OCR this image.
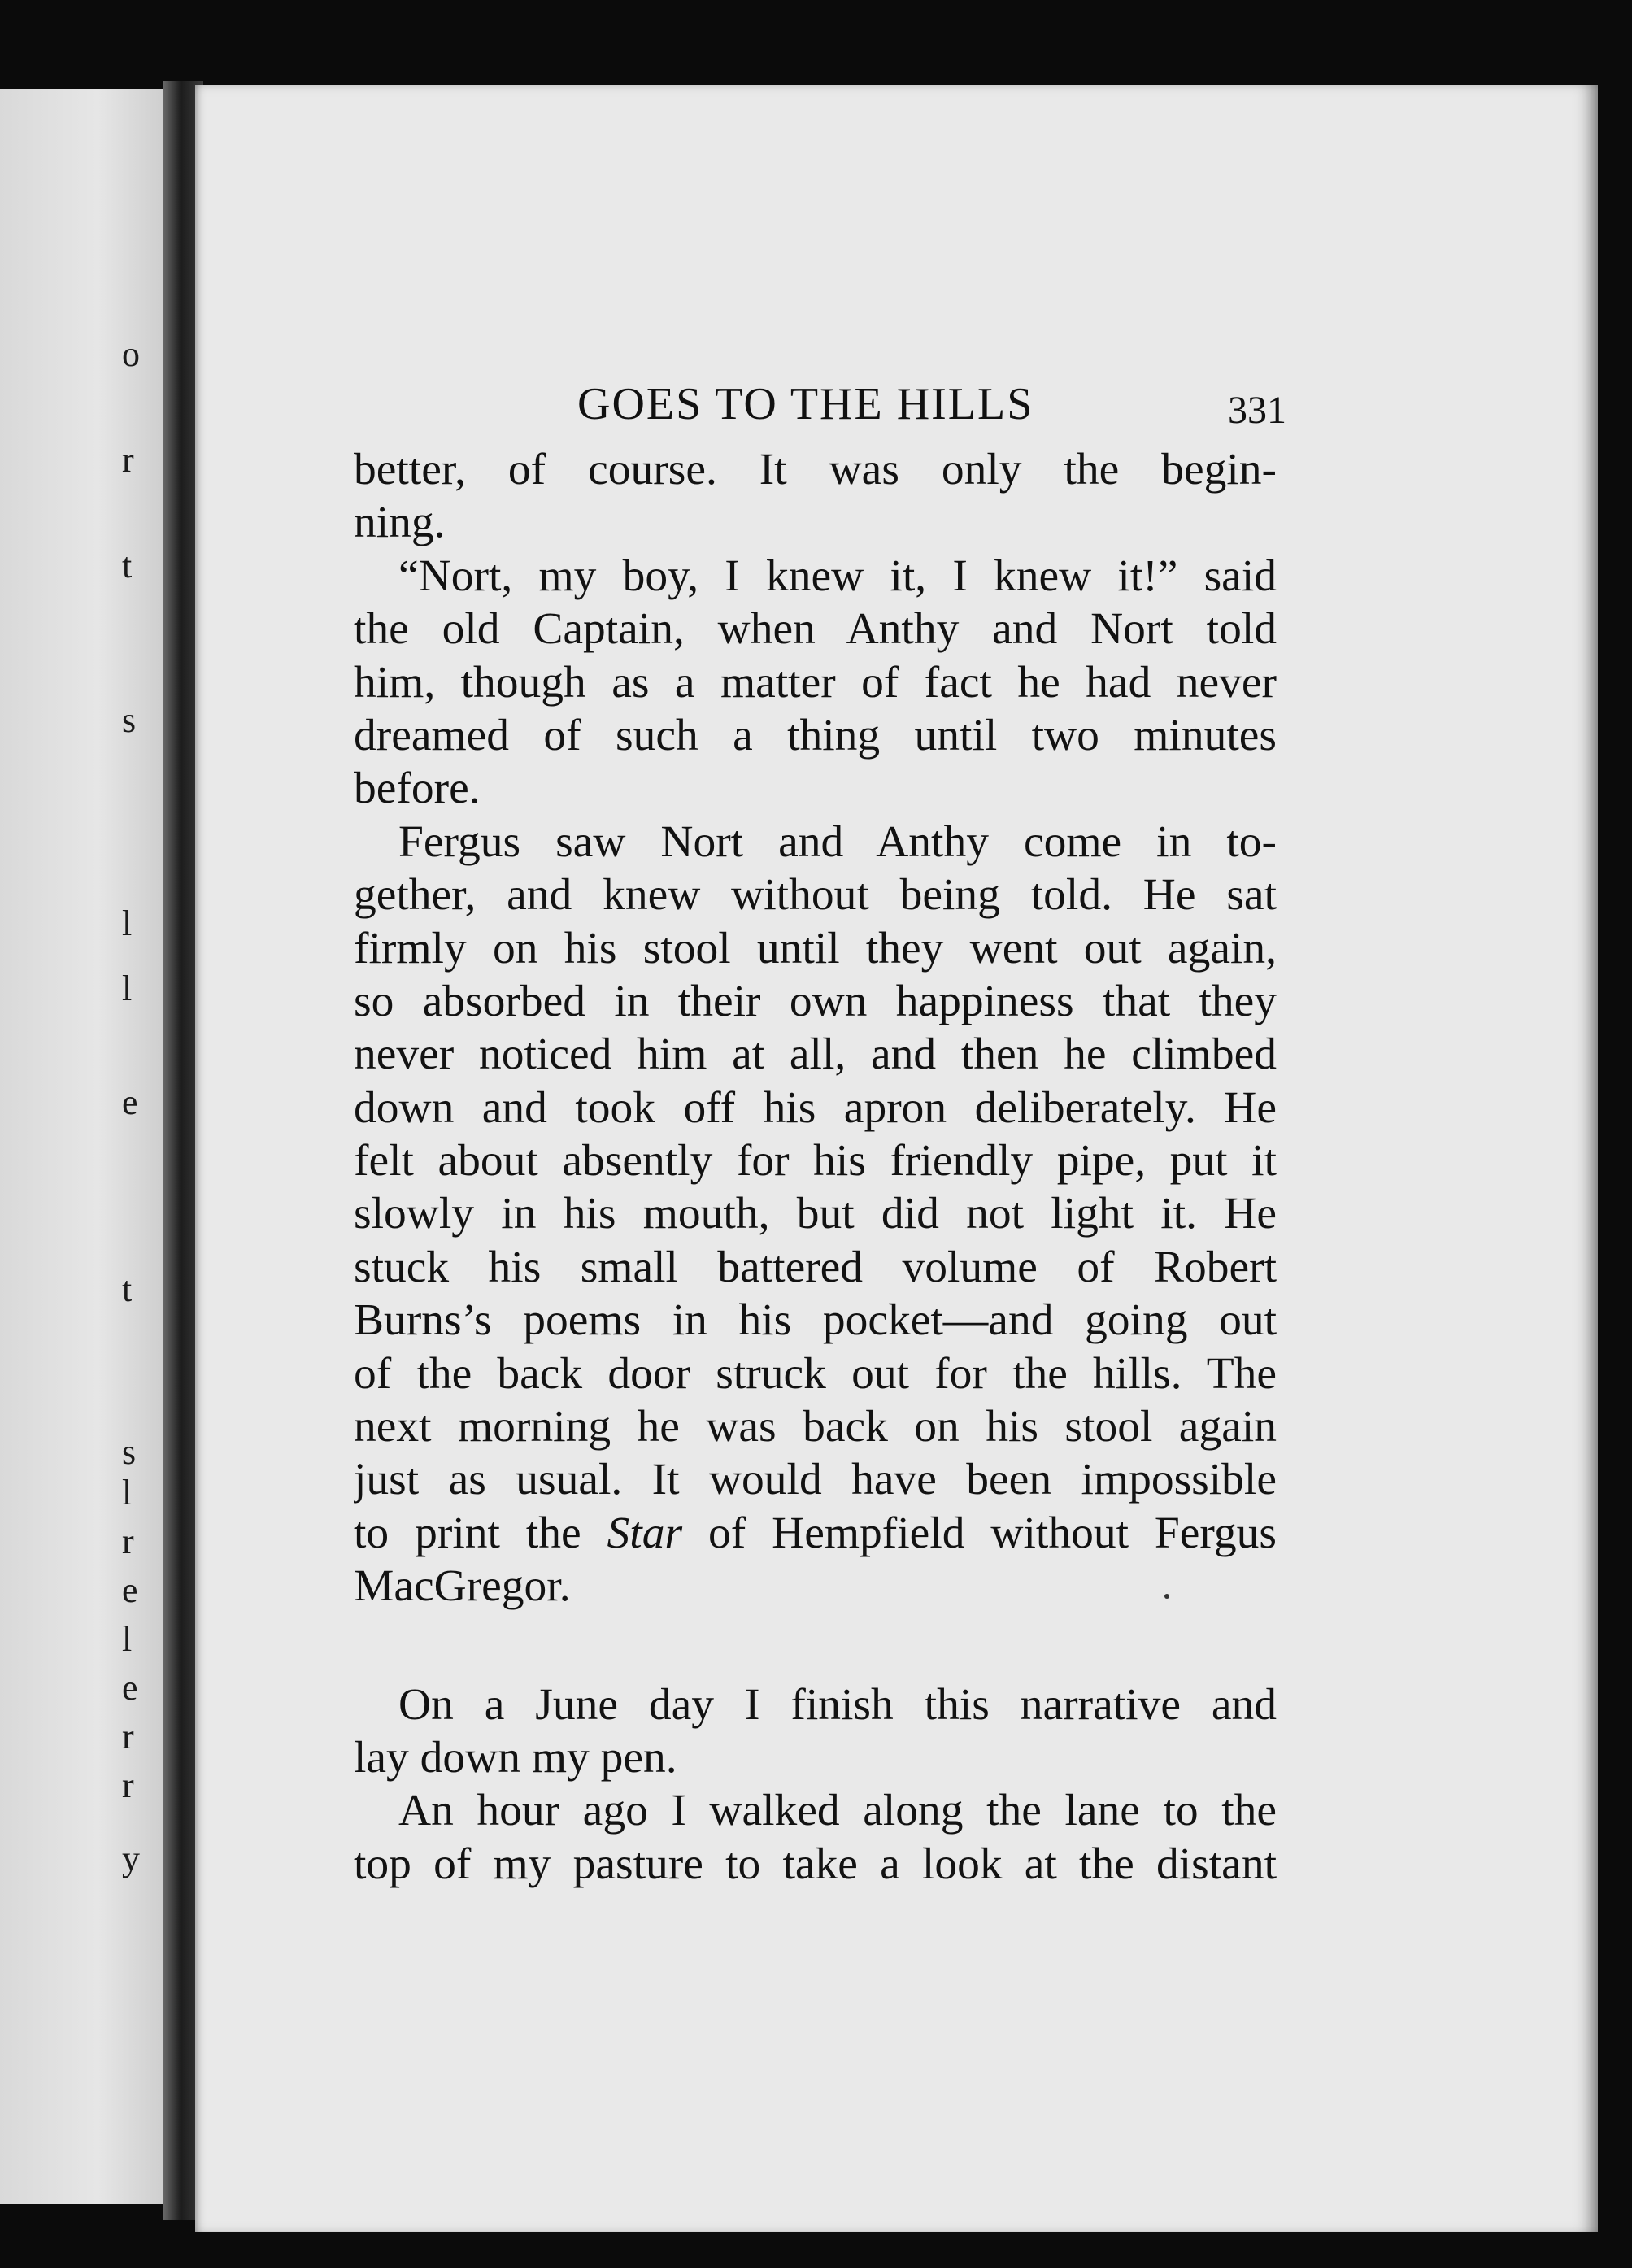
o
r
t
s
l
l
e
t
s
l
r
e
l
e
r
r
y
GOES TO THE HILLS	331
better, of course. It was only the begin-
ning.
“Nort, my boy, I knew it, I knew it!” said
the old Captain, when Anthy and Nort told
him, though as a matter of fact he had never
dreamed of such a thing until two minutes
before.
Fergus saw Nort and Anthy come in to-
gether, and knew without being told. He sat
firmly on his stool until they went out again,
so absorbed in their own happiness that they
never noticed him at all, and then he climbed
down and took off his apron deliberately. He
felt about absently for his friendly pipe, put it
slowly in his mouth, but did not light it. He
stuck his small battered volume of Robert
Burns’s poems in his pocket—and going out
of the back door struck out for the hills. The
next morning he was back on his stool again
just as usual. It would have been impossible
to print the Star of Hempfield without Fergus
MacGregor.
On a June day I finish this narrative and
lay down my pen.
An hour ago I walked along the lane to the
top of my pasture to take a look at the distant
